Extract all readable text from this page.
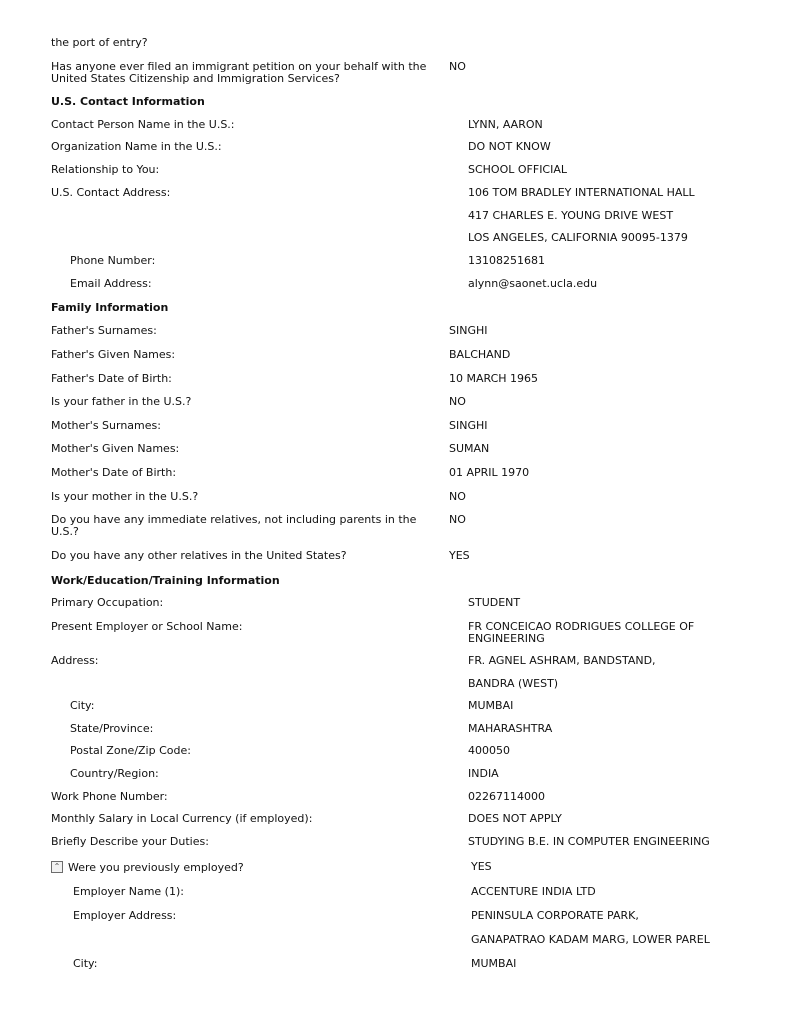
the port of entry?
Has anyone ever filed an immigrant petition on your behalf with the
United States Citizenship and Immigration Services?
NO
U.S. Contact Information
Contact Person Name in the U.S.:	LYNN, AARON
Organization Name in the U.S.:	DO NOT KNOW
Relationship to You:	SCHOOL OFFICIAL
U.S. Contact Address:	106 TOM BRADLEY INTERNATIONAL HALL
417 CHARLES E. YOUNG DRIVE WEST
LOS ANGELES, CALIFORNIA 90095-1379
Phone Number:	13108251681
Email Address:	alynn@saonet.ucla.edu
Family Information
Father's Surnames:	SINGHI
Father's Given Names:	BALCHAND
Father's Date of Birth:	10 MARCH 1965
Is your father in the U.S.?	NO
Mother's Surnames:	SINGHI
Mother's Given Names:	SUMAN
Mother's Date of Birth:	01 APRIL 1970
Is your mother in the U.S.?	NO
Do you have any immediate relatives, not including parents in the
U.S.?
NO
Do you have any other relatives in the United States?	YES
Work/Education/Training Information
Primary Occupation:	STUDENT
Present Employer or School Name:	FR CONCEICAO RODRIGUES COLLEGE OF
ENGINEERING
Address:	FR. AGNEL ASHRAM, BANDSTAND,
BANDRA (WEST)
City:	MUMBAI
State/Province:	MAHARASHTRA
Postal Zone/Zip Code:	400050
Country/Region:	INDIA
Work Phone Number:	02267114000
Monthly Salary in Local Currency (if employed):	DOES NOT APPLY
Briefly Describe your Duties:	STUDYING B.E. IN COMPUTER ENGINEERING
⌃ Were you previously employed?	YES
Employer Name (1):	ACCENTURE INDIA LTD
Employer Address:	PENINSULA CORPORATE PARK,
GANAPATRAO KADAM MARG, LOWER PAREL
City:	MUMBAI
